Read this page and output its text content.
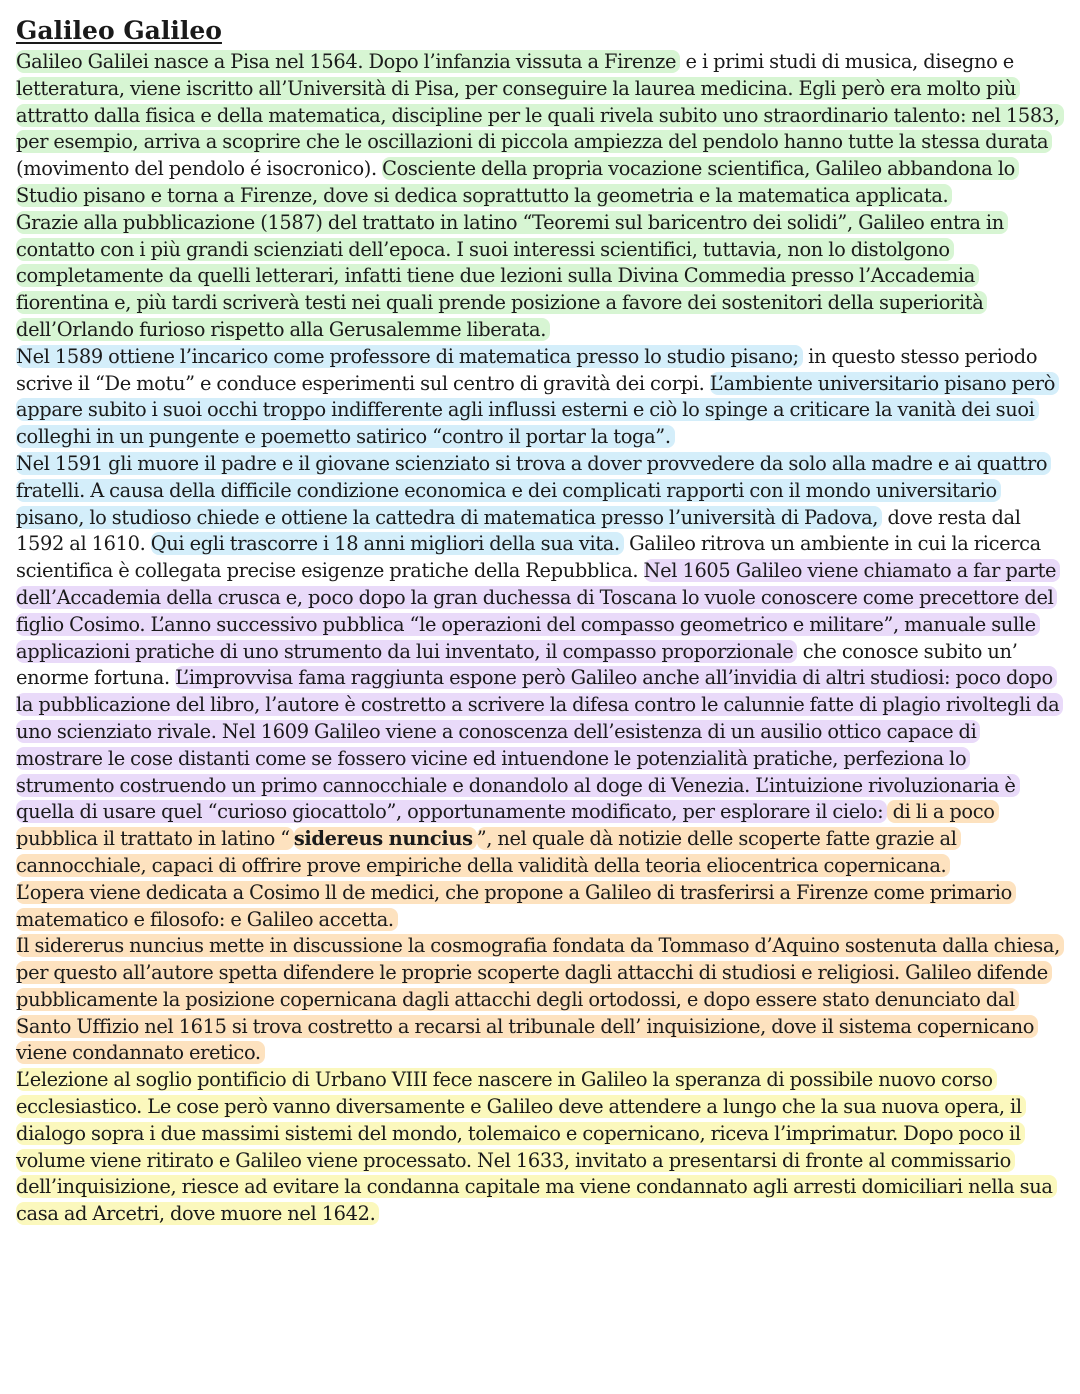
Galileo Galileo

Galileo Galilei nasce a Pisa nel 1564. Dopo l’infanzia vissuta a Firenze e i primi studi di musica, disegno e letteratura, viene iscritto all’Università di Pisa, per conseguire la laurea medicina. Egli però era molto più attratto dalla fisica e della matematica, discipline per le quali rivela subito uno straordinario talento: nel 1583, per esempio, arriva a scoprire che le oscillazioni di piccola ampiezza del pendolo hanno tutte la stessa durata (movimento del pendolo é isocronico). Cosciente della propria vocazione scientifica, Galileo abbandona lo Studio pisano e torna a Firenze, dove si dedica soprattutto la geometria e la matematica applicata.

Grazie alla pubblicazione (1587) del trattato in latino “Teoremi sul baricentro dei solidi”, Galileo entra in contatto con i più grandi scienziati dell’epoca. I suoi interessi scientifici, tuttavia, non lo distolgono completamente da quelli letterari, infatti tiene due lezioni sulla Divina Commedia presso l’Accademia fiorentina e, più tardi scriverà testi nei quali prende posizione a favore dei sostenitori della superiorità dell’Orlando furioso rispetto alla Gerusalemme liberata.

Nel 1589 ottiene l’incarico come professore di matematica presso lo studio pisano; in questo stesso periodo scrive il “De motu” e conduce esperimenti sul centro di gravità dei corpi. L’ambiente universitario pisano però appare subito i suoi occhi troppo indifferente agli influssi esterni e ciò lo spinge a criticare la vanità dei suoi colleghi in un pungente e poemetto satirico “contro il portar la toga”.

Nel 1591 gli muore il padre e il giovane scienziato si trova a dover provvedere da solo alla madre e ai quattro fratelli. A causa della difficile condizione economica e dei complicati rapporti con il mondo universitario pisano, lo studioso chiede e ottiene la cattedra di matematica presso l’università di Padova, dove resta dal 1592 al 1610. Qui egli trascorre i 18 anni migliori della sua vita. Galileo ritrova un ambiente in cui la ricerca scientifica è collegata precise esigenze pratiche della Repubblica. Nel 1605 Galileo viene chiamato a far parte dell’Accademia della crusca e, poco dopo la gran duchessa di Toscana lo vuole conoscere come precettore del figlio Cosimo. L’anno successivo pubblica “le operazioni del compasso geometrico e militare”, manuale sulle applicazioni pratiche di uno strumento da lui inventato, il compasso proporzionale che conosce subito un’ enorme fortuna. L’improvvisa fama raggiunta espone però Galileo anche all’invidia di altri studiosi: poco dopo la pubblicazione del libro, l’autore è costretto a scrivere la difesa contro le calunnie fatte di plagio rivoltegli da uno scienziato rivale. Nel 1609 Galileo viene a conoscenza dell’esistenza di un ausilio ottico capace di mostrare le cose distanti come se fossero vicine ed intuendone le potenzialità pratiche, perfeziona lo strumento costruendo un primo cannocchiale e donandolo al doge di Venezia. L’intuizione rivoluzionaria è quella di usare quel “curioso giocattolo”, opportunamente modificato, per esplorare il cielo: di li a poco pubblica il trattato in latino “ sidereus nuncius ”, nel quale dà notizie delle scoperte fatte grazie al cannocchiale, capaci di offrire prove empiriche della validità della teoria eliocentrica copernicana.

L’opera viene dedicata a Cosimo ll de medici, che propone a Galileo di trasferirsi a Firenze come primario matematico e filosofo: e Galileo accetta.

Il sidererus nuncius mette in discussione la cosmografia fondata da Tommaso d’Aquino sostenuta dalla chiesa, per questo all’autore spetta difendere le proprie scoperte dagli attacchi di studiosi e religiosi. Galileo difende pubblicamente la posizione copernicana dagli attacchi degli ortodossi, e dopo essere stato denunciato dal Santo Uffizio nel 1615 si trova costretto a recarsi al tribunale dell’ inquisizione, dove il sistema copernicano viene condannato eretico.

L’elezione al soglio pontificio di Urbano VIII fece nascere in Galileo la speranza di possibile nuovo corso ecclesiastico. Le cose però vanno diversamente e Galileo deve attendere a lungo che la sua nuova opera, il dialogo sopra i due massimi sistemi del mondo, tolemaico e copernicano, riceva l’imprimatur. Dopo poco il volume viene ritirato e Galileo viene processato. Nel 1633, invitato a presentarsi di fronte al commissario dell’inquisizione, riesce ad evitare la condanna capitale ma viene condannato agli arresti domiciliari nella sua casa ad Arcetri, dove muore nel 1642.
